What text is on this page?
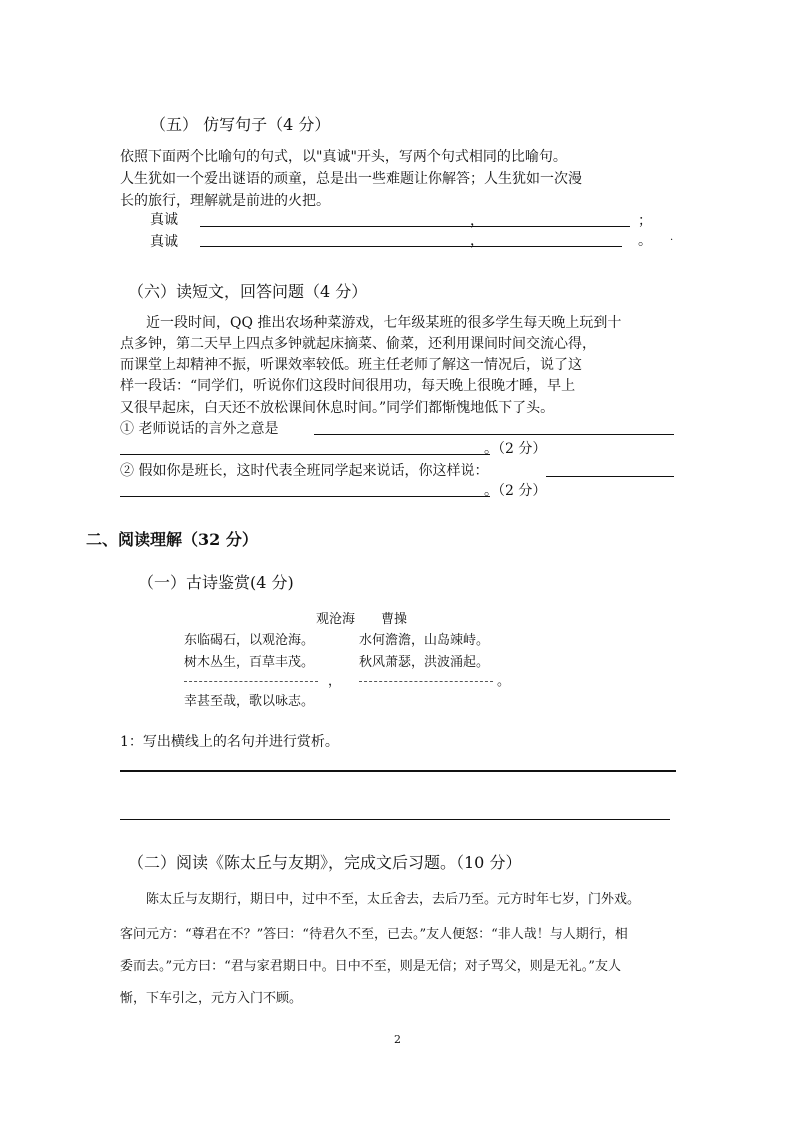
（五） 仿写句子（4 分）
依照下面两个比喻句的句式，以"真诚"开头，写两个句式相同的比喻句。
人生犹如一个爱出谜语的顽童，总是出一些难题让你解答；人生犹如一次漫
长的旅行，理解就是前进的火把。
真诚	，	；
真诚	，	。 .
（六）读短文，回答问题（4 分）
近一段时间，QQ 推出农场种菜游戏，七年级某班的很多学生每天晚上玩到十
点多钟，第二天早上四点多钟就起床摘菜、偷菜，还利用课间时间交流心得，
而课堂上却精神不振，听课效率较低。班主任老师了解这一情况后，说了这
样一段话：“同学们，听说你们这段时间很用功，每天晚上很晚才睡，早上
又很早起床，白天还不放松课间休息时间。”同学们都惭愧地低下了头。
① 老师说话的言外之意是
。（2 分）
② 假如你是班长，这时代表全班同学起来说话，你这样说：
。（2 分）
二、阅读理解（32 分）
（一）古诗鉴赏(4 分)
观沧海 曹操
东临碣石，以观沧海。	水何澹澹，山岛竦峙。
树木丛生，百草丰茂。	秋风萧瑟，洪波涌起。
，	。
幸甚至哉，歌以咏志。
1：写出横线上的名句并进行赏析。
（二）阅读《陈太丘与友期》，完成文后习题。（10 分）
陈太丘与友期行，期日中，过中不至，太丘舍去，去后乃至。元方时年七岁，门外戏。
客问元方：“尊君在不？”答曰：“待君久不至，已去。”友人便怒：“非人哉！与人期行，相
委而去。”元方曰：“君与家君期日中。日中不至，则是无信；对子骂父，则是无礼。”友人
惭，下车引之，元方入门不顾。
2
